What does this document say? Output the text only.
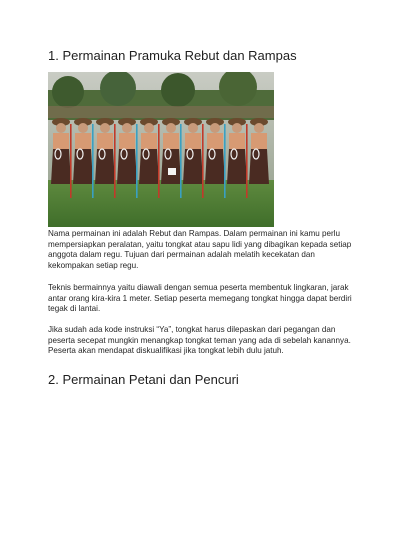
1. Permainan Pramuka Rebut dan Rampas

Nama permainan ini adalah Rebut dan Rampas. Dalam permainan ini kamu perlu mempersiapkan peralatan, yaitu tongkat atau sapu lidi yang dibagikan kepada setiap anggota dalam regu. Tujuan dari permainan adalah melatih kecekatan dan kekompakan setiap regu.

Teknis bermainnya yaitu diawali dengan semua peserta membentuk lingkaran, jarak antar orang kira-kira 1 meter. Setiap peserta memegang tongkat hingga dapat berdiri tegak di lantai.

Jika sudah ada kode instruksi “Ya”, tongkat harus dilepaskan dari pegangan dan peserta secepat mungkin menangkap tongkat teman yang ada di sebelah kanannya. Peserta akan mendapat diskualifikasi jika tongkat lebih dulu jatuh.

2. Permainan Petani dan Pencuri
